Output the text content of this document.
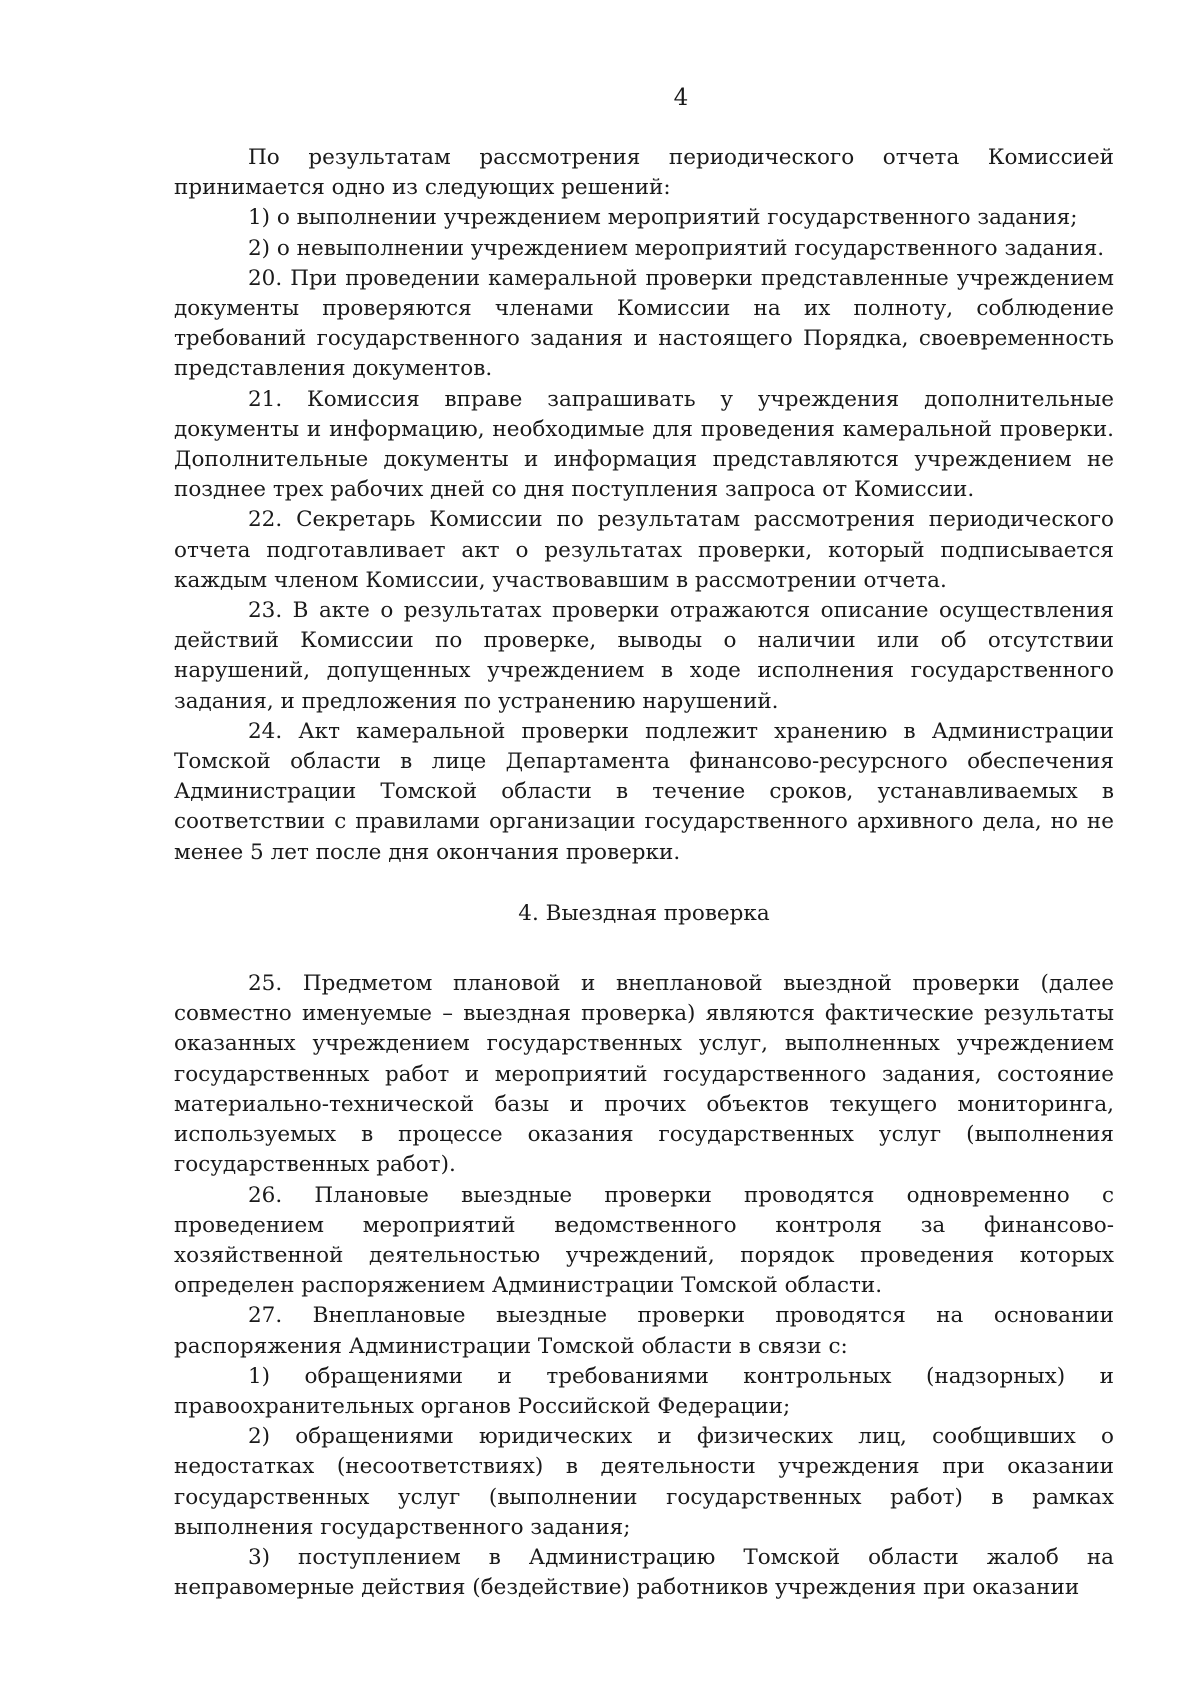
4

По результатам рассмотрения периодического отчета Комиссией принимается одно из следующих решений:

1) о выполнении учреждением мероприятий государственного задания;

2) о невыполнении учреждением мероприятий государственного задания.

20. При проведении камеральной проверки представленные учреждением документы проверяются членами Комиссии на их полноту, соблюдение требований государственного задания и настоящего Порядка, своевременность представления документов.

21. Комиссия вправе запрашивать у учреждения дополнительные документы и информацию, необходимые для проведения камеральной проверки. Дополнительные документы и информация представляются учреждением не позднее трех рабочих дней со дня поступления запроса от Комиссии.

22. Секретарь Комиссии по результатам рассмотрения периодического отчета подготавливает акт о результатах проверки, который подписывается каждым членом Комиссии, участвовавшим в рассмотрении отчета.

23. В акте о результатах проверки отражаются описание осуществления действий Комиссии по проверке, выводы о наличии или об отсутствии нарушений, допущенных учреждением в ходе исполнения государственного задания, и предложения по устранению нарушений.

24. Акт камеральной проверки подлежит хранению в Администрации Томской области в лице Департамента финансово-ресурсного обеспечения Администрации Томской области в течение сроков, устанавливаемых в соответствии с правилами организации государственного архивного дела, но не менее 5 лет после дня окончания проверки.

4. Выездная проверка

25. Предметом плановой и внеплановой выездной проверки (далее совместно именуемые – выездная проверка) являются фактические результаты оказанных учреждением государственных услуг, выполненных учреждением государственных работ и мероприятий государственного задания, состояние материально-технической базы и прочих объектов текущего мониторинга, используемых в процессе оказания государственных услуг (выполнения государственных работ).

26. Плановые выездные проверки проводятся одновременно с проведением мероприятий ведомственного контроля за финансово-хозяйственной деятельностью учреждений, порядок проведения которых определен распоряжением Администрации Томской области.

27. Внеплановые выездные проверки проводятся на основании распоряжения Администрации Томской области в связи с:

1) обращениями и требованиями контрольных (надзорных) и правоохранительных органов Российской Федерации;

2) обращениями юридических и физических лиц, сообщивших о недостатках (несоответствиях) в деятельности учреждения при оказании государственных услуг (выполнении государственных работ) в рамках выполнения государственного задания;

3) поступлением в Администрацию Томской области жалоб на неправомерные действия (бездействие) работников учреждения при оказании
